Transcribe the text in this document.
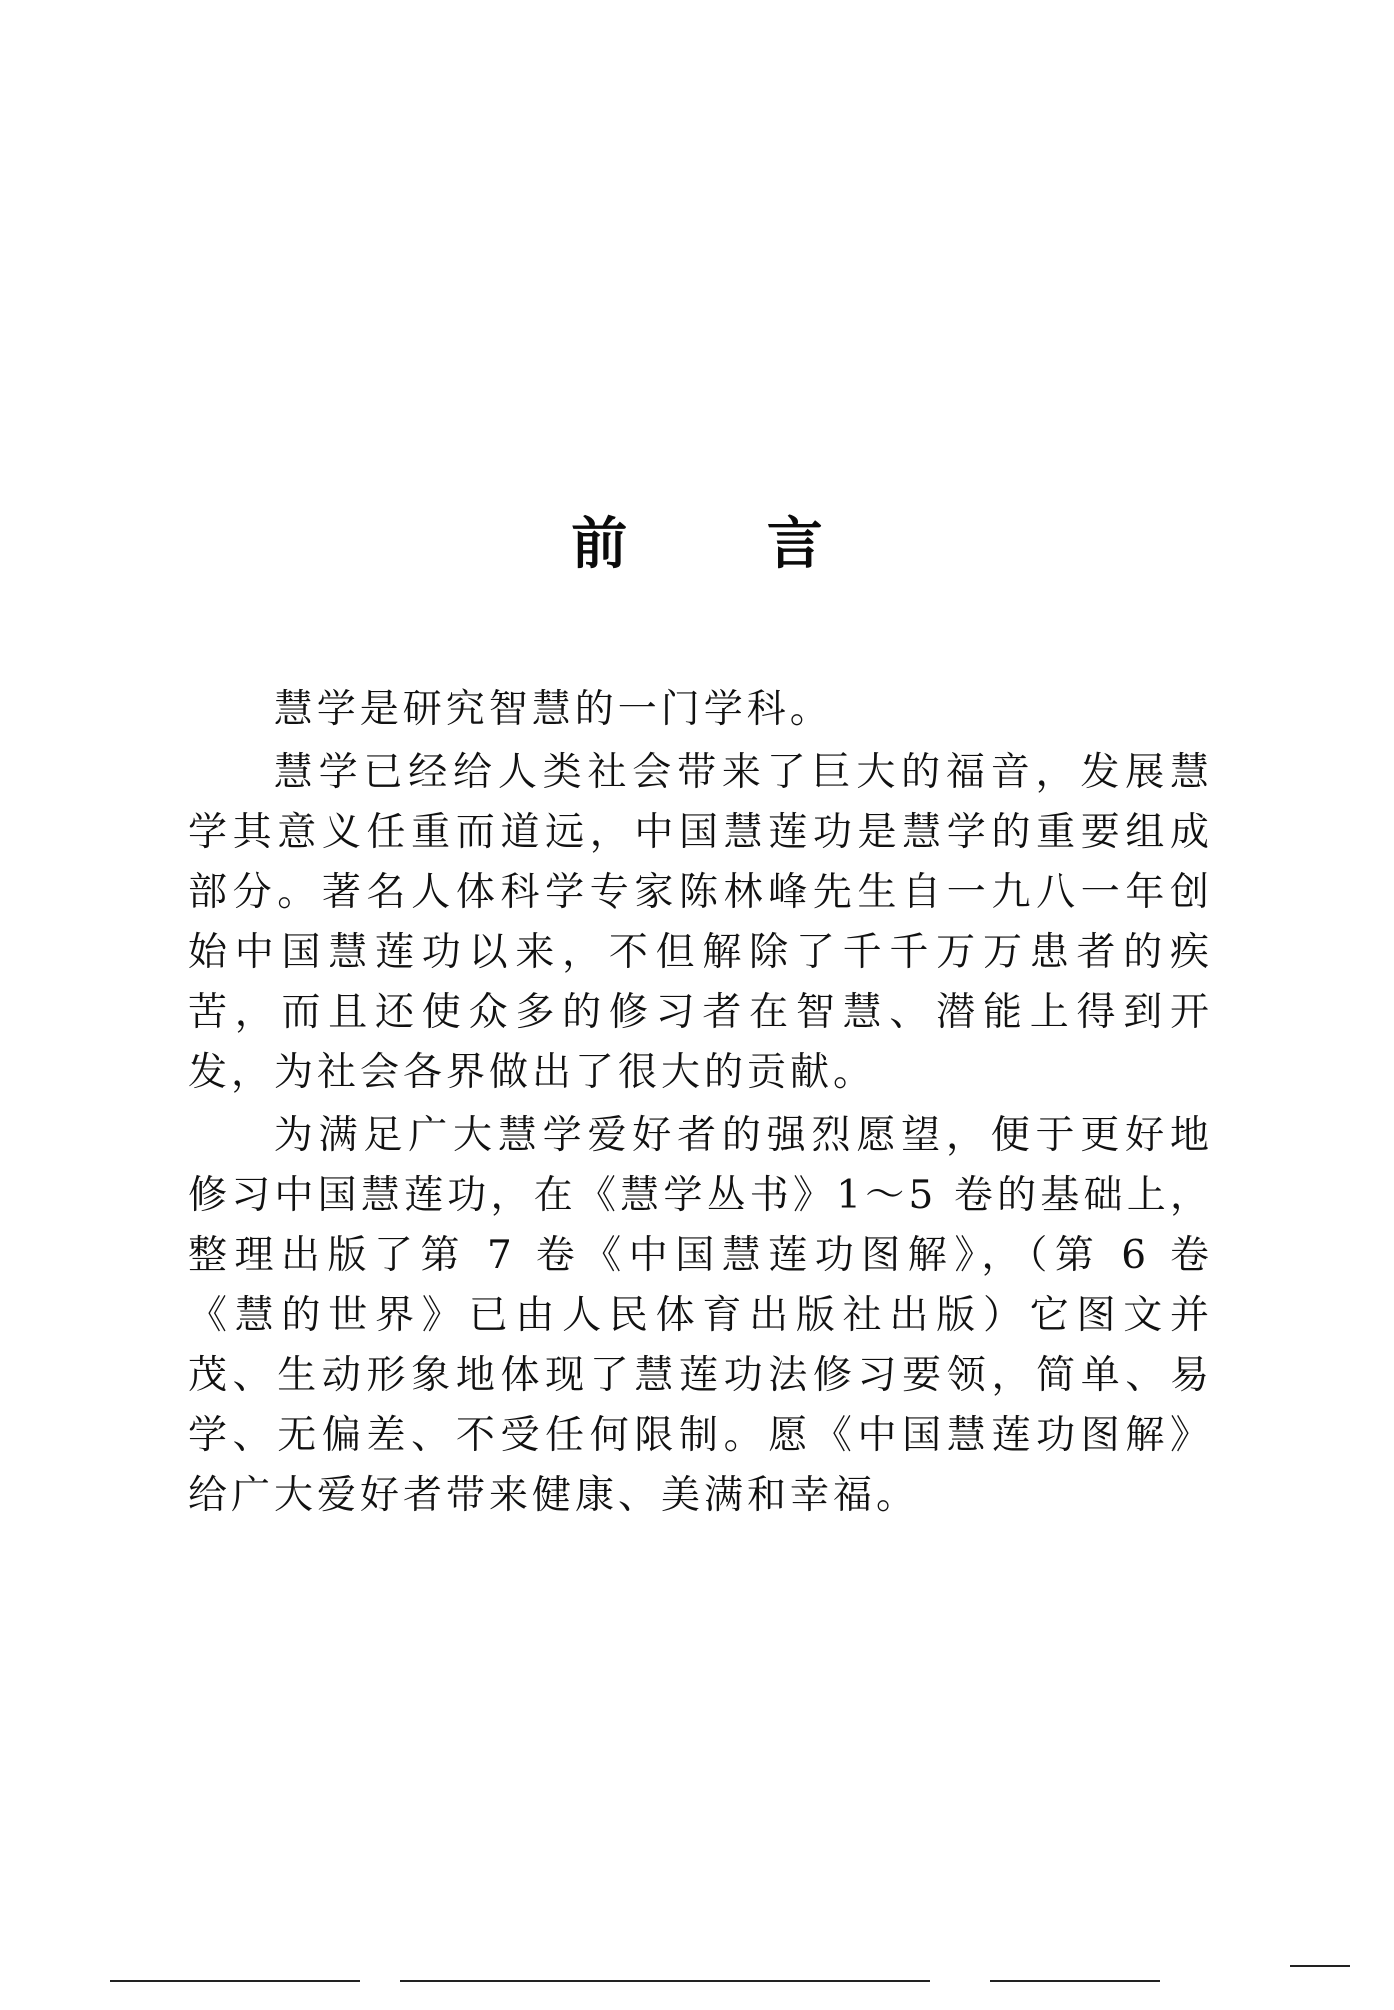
前 言

慧学是研究智慧的一门学科。

慧学已经给人类社会带来了巨大的福音，发展慧学其意义任重而道远，中国慧莲功是慧学的重要组成部分。著名人体科学专家陈林峰先生自一九八一年创始中国慧莲功以来，不但解除了千千万万患者的疾苦，而且还使众多的修习者在智慧、潜能上得到开发，为社会各界做出了很大的贡献。

为满足广大慧学爱好者的强烈愿望，便于更好地修习中国慧莲功，在《慧学丛书》1～5 卷的基础上，整理出版了第 7 卷《中国慧莲功图解》，（第 6 卷《慧的世界》已由人民体育出版社出版）它图文并茂、生动形象地体现了慧莲功法修习要领，简单、易学、无偏差、不受任何限制。愿《中国慧莲功图解》给广大爱好者带来健康、美满和幸福。
